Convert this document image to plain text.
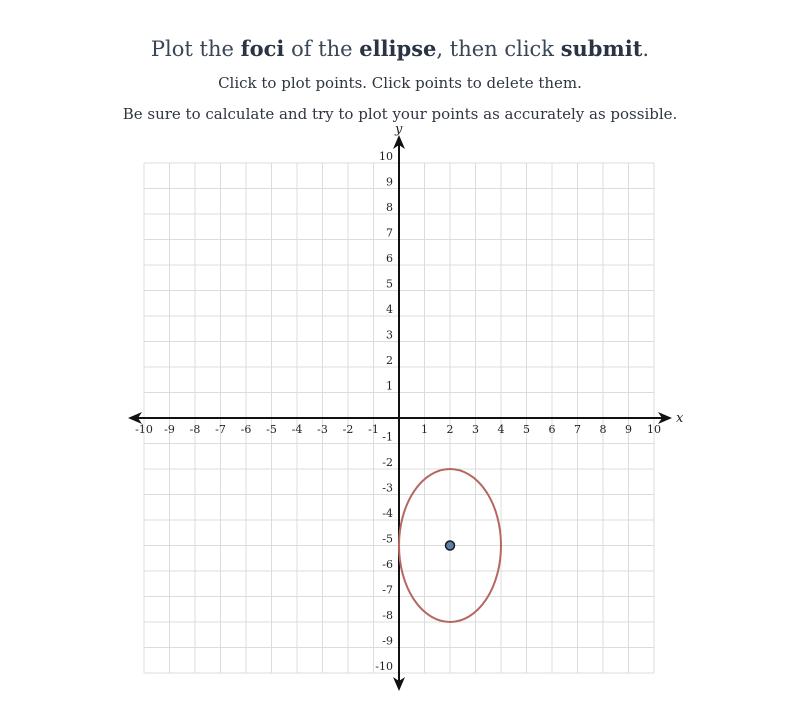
Plot the foci of the ellipse, then click submit.
Click to plot points. Click points to delete them.
Be sure to calculate and try to plot your points as accurately as possible.
x
y
-10 -9 -8 -7 -6 -5 -4 -3 -2 -1	1 2 3 4 5 6 7 8 9 10
-10
-9
-8
-7
-6
-5
-4
-3
-2
-1
1
2
3
4
5
6
7
8
9
10
